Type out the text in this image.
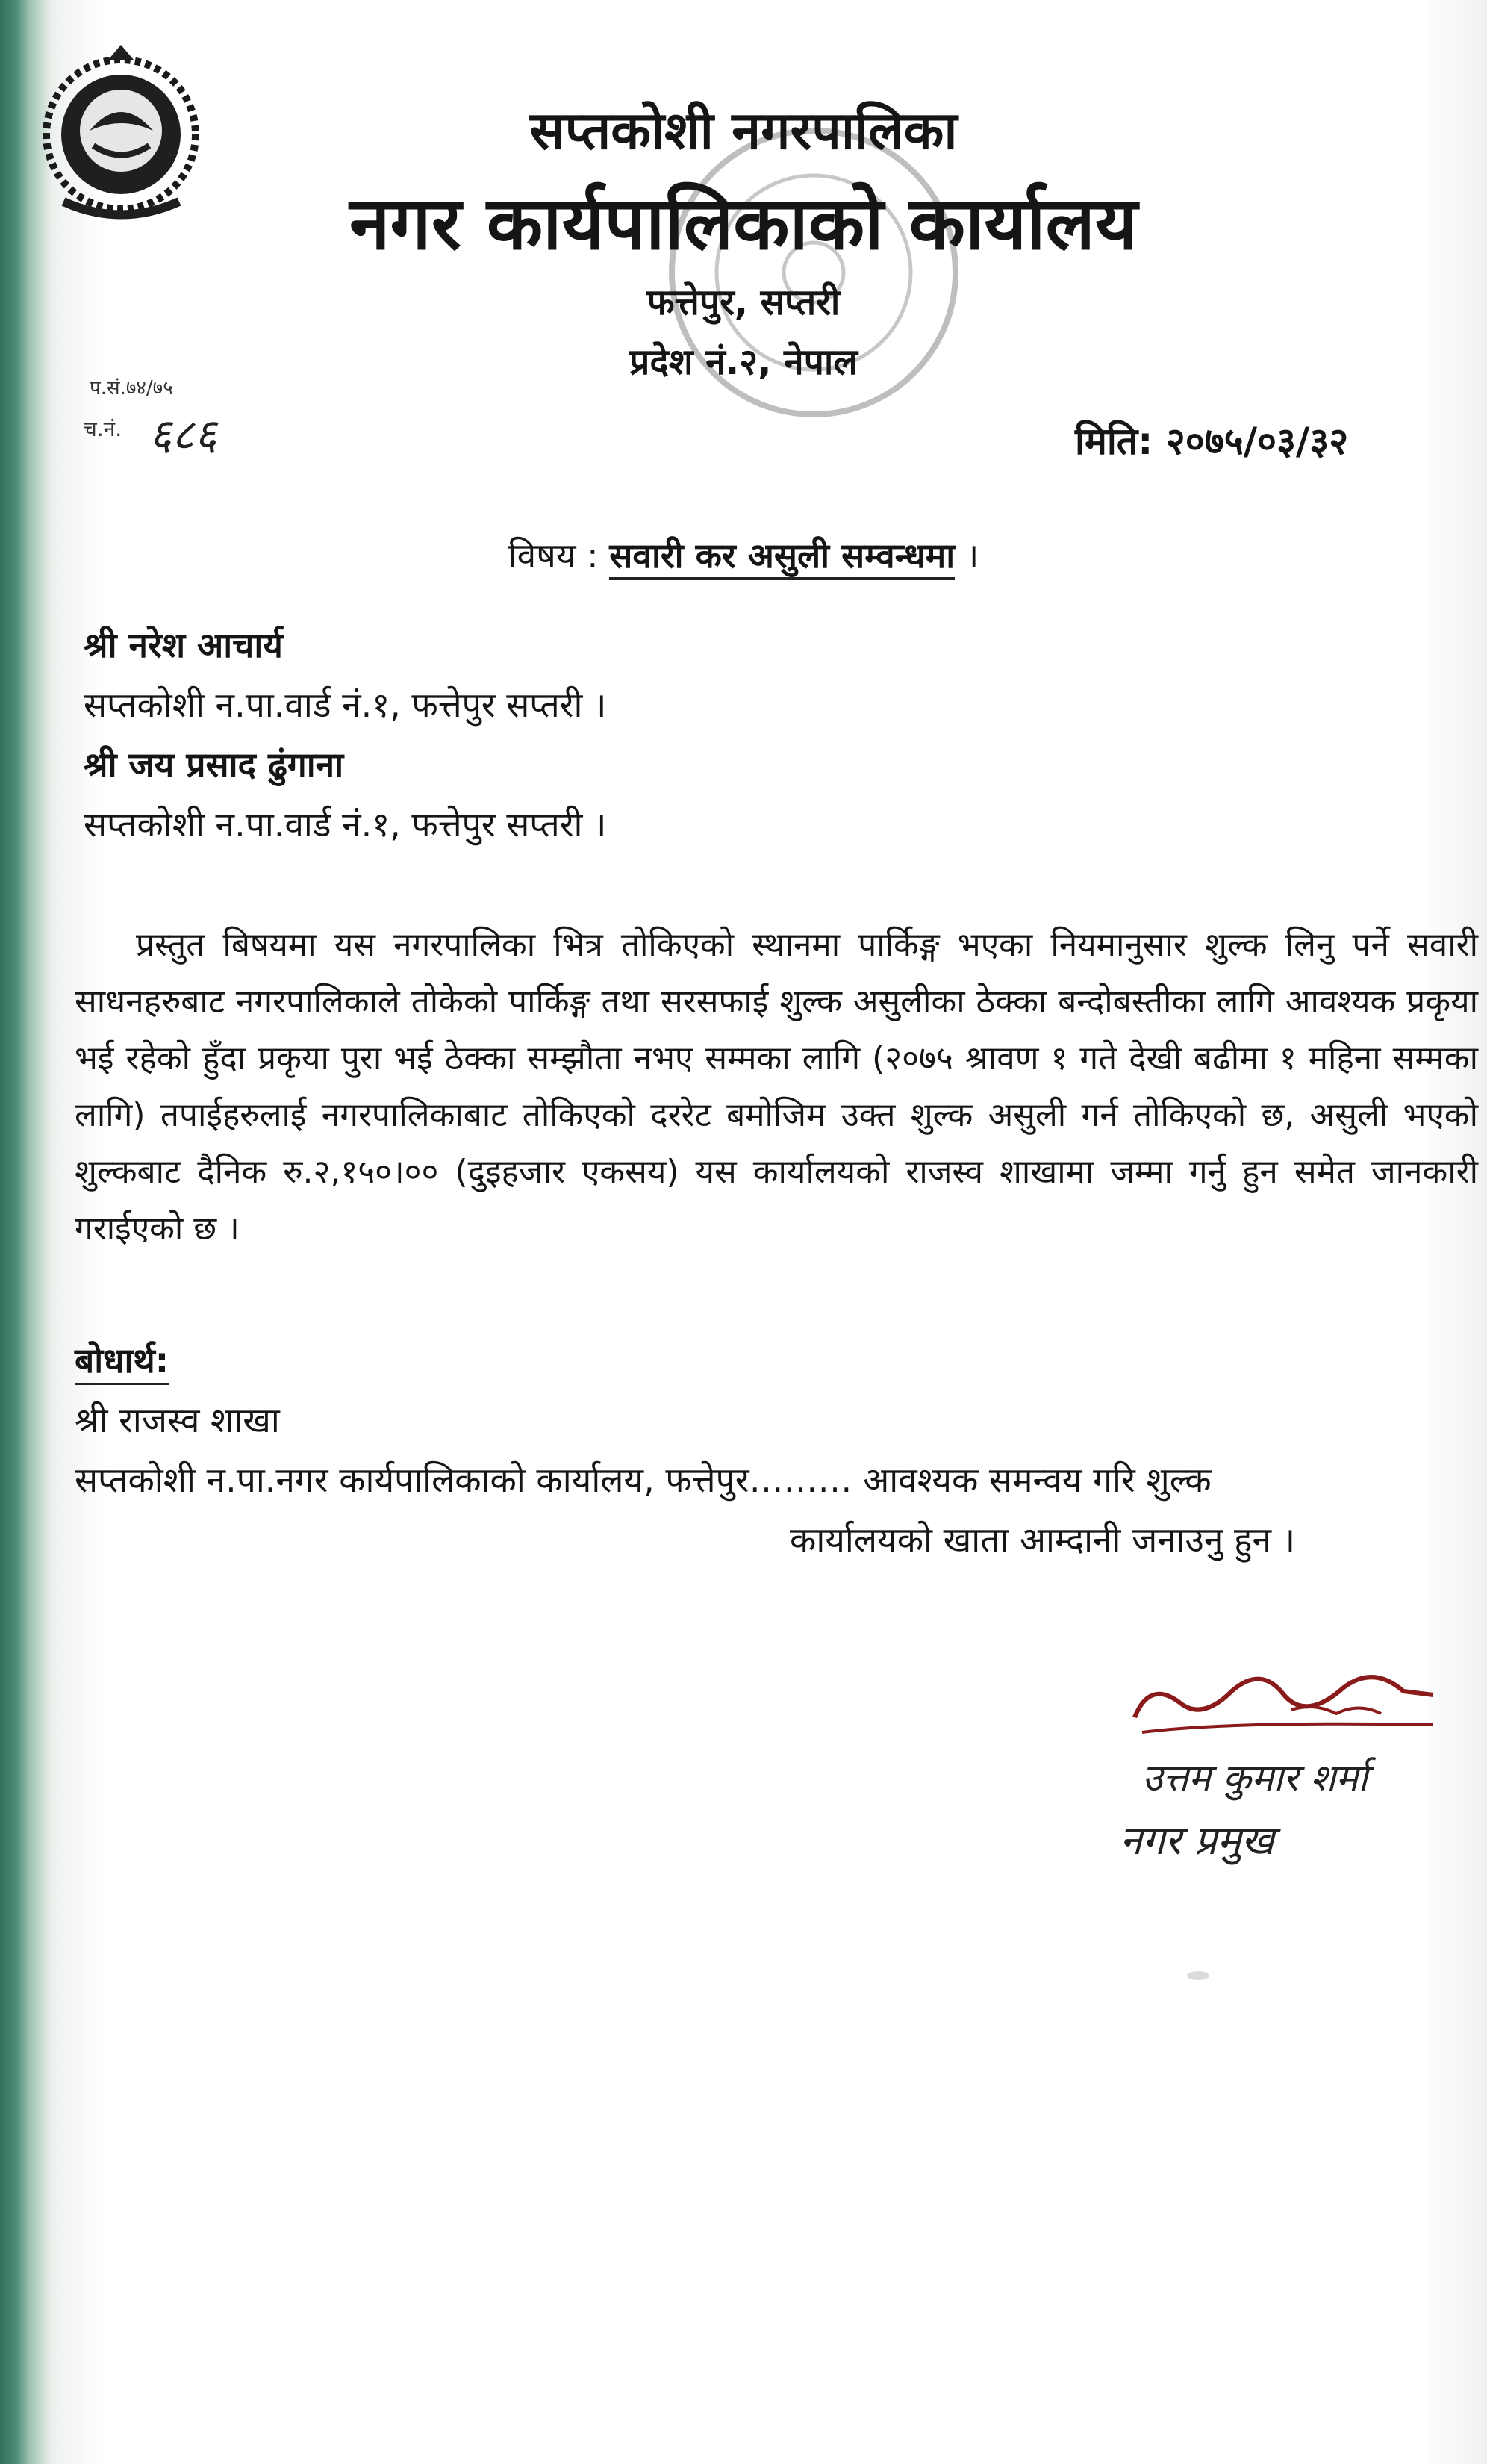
सप्तकोशी नगरपालिका
नगर कार्यपालिकाको कार्यालय
फत्तेपुर, सप्तरी
प्रदेश नं.२, नेपाल
प.सं.७४/७५
च.नं. ६८६	मिति: २०७५/०३/३२
विषय : सवारी कर असुली सम्वन्धमा ।
श्री नरेश आचार्य
सप्तकोशी न.पा.वार्ड नं.१, फत्तेपुर सप्तरी ।
श्री जय प्रसाद ढुंगाना
सप्तकोशी न.पा.वार्ड नं.१, फत्तेपुर सप्तरी ।
प्रस्तुत बिषयमा यस नगरपालिका भित्र तोकिएको स्थानमा पार्किङ्ग भएका नियमानुसार शुल्क लिनु पर्ने सवारी साधनहरुबाट नगरपालिकाले तोकेको पार्किङ्ग तथा सरसफाई शुल्क असुलीका ठेक्का बन्दोबस्तीका लागि आवश्यक प्रकृया भई रहेको हुँदा प्रकृया पुरा भई ठेक्का सम्झौता नभए सम्मका लागि (२०७५ श्रावण १ गते देखी बढीमा १ महिना सम्मका लागि) तपाईहरुलाई नगरपालिकाबाट तोकिएको दररेट बमोजिम उक्त शुल्क असुली गर्न तोकिएको छ, असुली भएको शुल्कबाट दैनिक रु.२,१५०।०० (दुइहजार एकसय) यस कार्यालयको राजस्व शाखामा जम्मा गर्नु हुन समेत जानकारी गराईएको छ ।
बोधार्थ:
श्री राजस्व शाखा
सप्तकोशी न.पा.नगर कार्यपालिकाको कार्यालय, फत्तेपुर……… आवश्यक समन्वय गरि शुल्क
कार्यालयको खाता आम्दानी जनाउनु हुन ।
उत्तम कुमार शर्मा
नगर प्रमुख
